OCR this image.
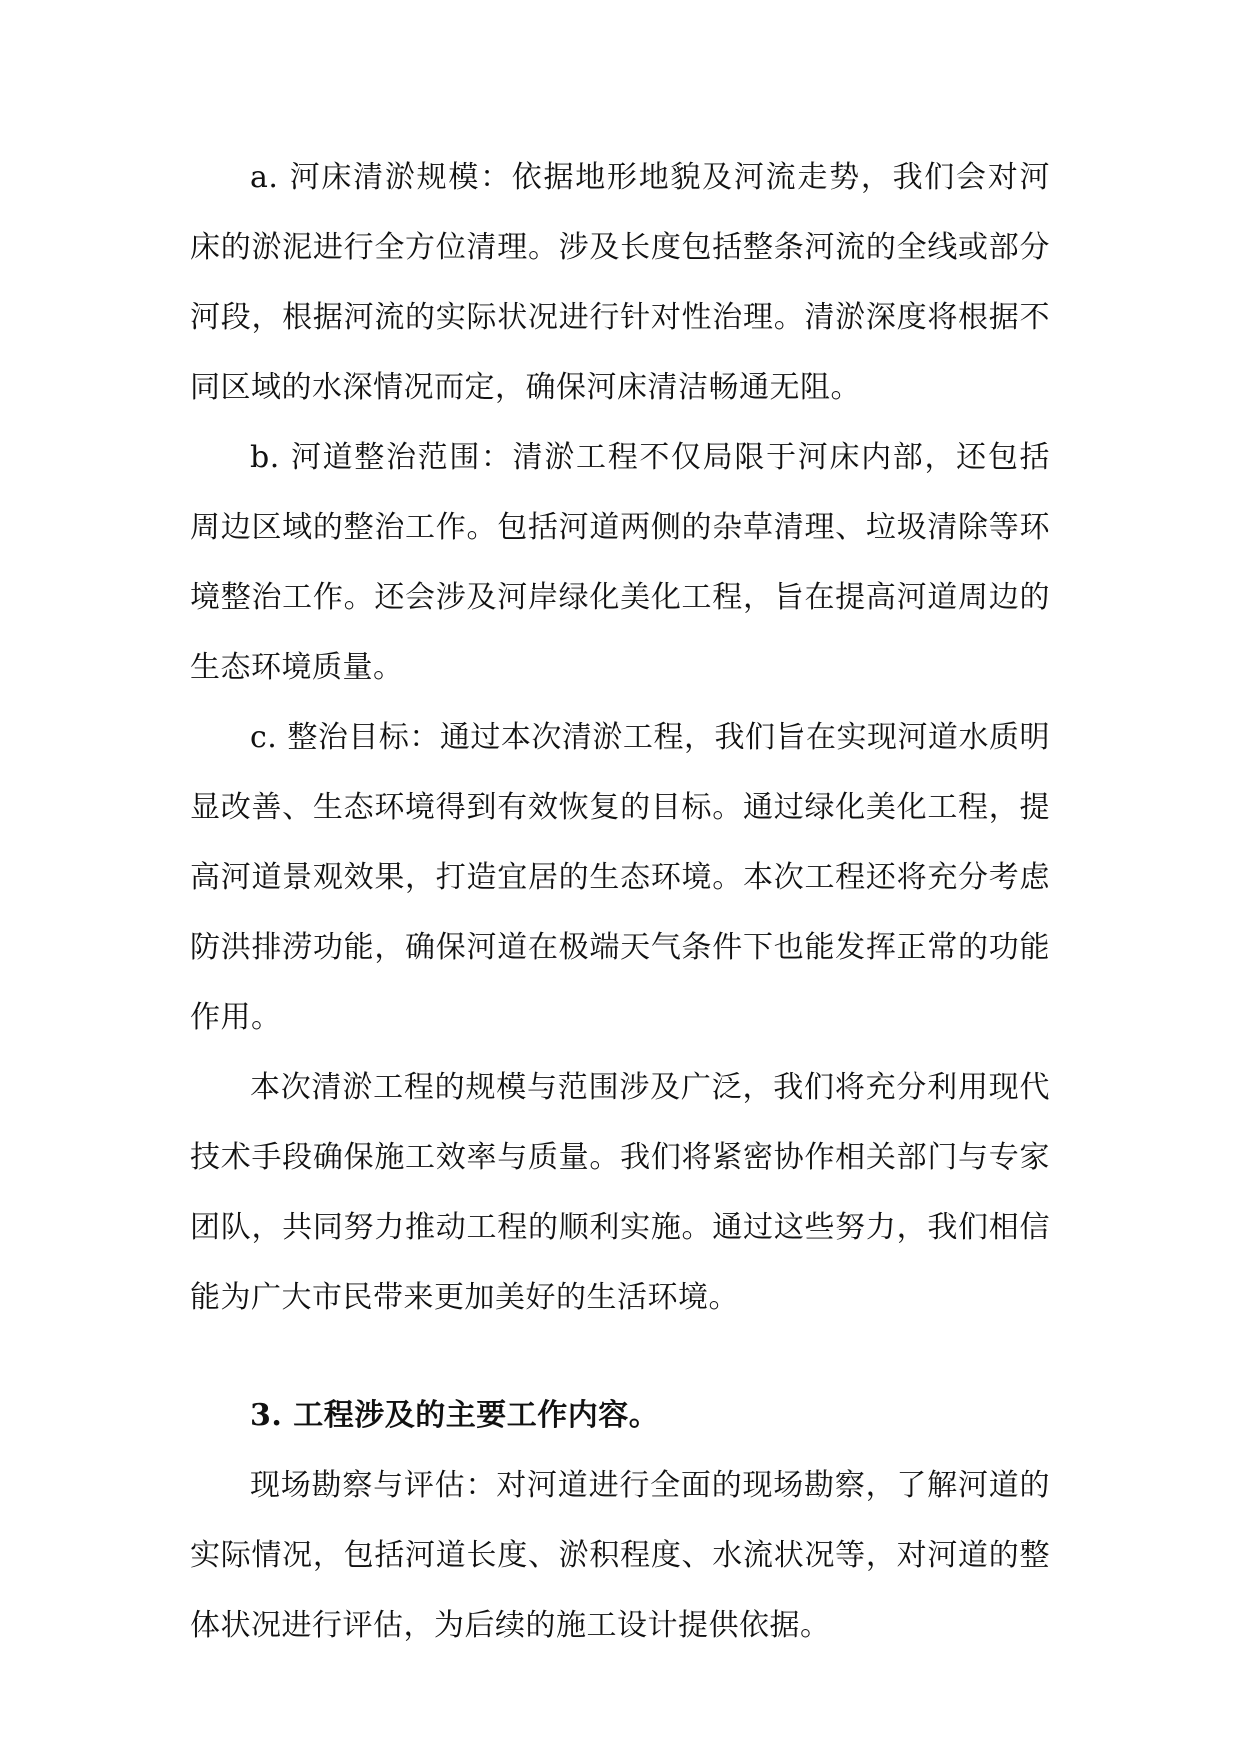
a. 河床清淤规模：依据地形地貌及河流走势，我们会对河床的淤泥进行全方位清理。涉及长度包括整条河流的全线或部分河段，根据河流的实际状况进行针对性治理。清淤深度将根据不同区域的水深情况而定，确保河床清洁畅通无阻。

b. 河道整治范围：清淤工程不仅局限于河床内部，还包括周边区域的整治工作。包括河道两侧的杂草清理、垃圾清除等环境整治工作。还会涉及河岸绿化美化工程，旨在提高河道周边的生态环境质量。

c. 整治目标：通过本次清淤工程，我们旨在实现河道水质明显改善、生态环境得到有效恢复的目标。通过绿化美化工程，提高河道景观效果，打造宜居的生态环境。本次工程还将充分考虑防洪排涝功能，确保河道在极端天气条件下也能发挥正常的功能作用。

本次清淤工程的规模与范围涉及广泛，我们将充分利用现代技术手段确保施工效率与质量。我们将紧密协作相关部门与专家团队，共同努力推动工程的顺利实施。通过这些努力，我们相信能为广大市民带来更加美好的生活环境。

3. 工程涉及的主要工作内容。

现场勘察与评估：对河道进行全面的现场勘察，了解河道的实际情况，包括河道长度、淤积程度、水流状况等，对河道的整体状况进行评估，为后续的施工设计提供依据。
